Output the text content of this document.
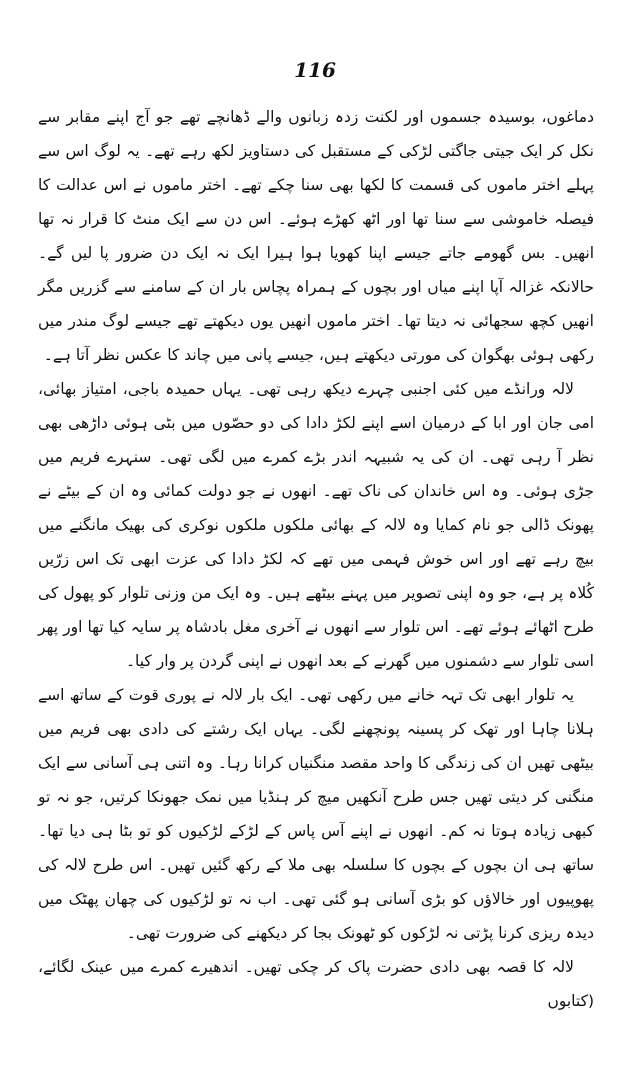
116

دماغوں، بوسیدہ جسموں اور لکنت زدہ زبانوں والے ڈھانچے تھے جو آج اپنے مقابر سے نکل کر ایک جیتی جاگتی لڑکی کے مستقبل کی دستاویز لکھ رہے تھے۔ یہ لوگ اس سے پہلے اختر ماموں کی قسمت کا لکھا بھی سنا چکے تھے۔ اختر ماموں نے اس عدالت کا فیصلہ خاموشی سے سنا تھا اور اٹھ کھڑے ہوئے۔ اس دن سے ایک منٹ کا قرار نہ تھا انھیں۔ بس گھومے جاتے جیسے اپنا کھویا ہوا ہیرا ایک نہ ایک دن ضرور پا لیں گے۔ حالانکہ غزالہ آپا اپنے میاں اور بچوں کے ہمراہ پچاس بار ان کے سامنے سے گزریں مگر انھیں کچھ سجھائی نہ دیتا تھا۔ اختر ماموں انھیں یوں دیکھتے تھے جیسے لوگ مندر میں رکھی ہوئی بھگوان کی مورتی دیکھتے ہیں، جیسے پانی میں چاند کا عکس نظر آتا ہے۔

لالہ ورانڈے میں کئی اجنبی چہرے دیکھ رہی تھی۔ یہاں حمیدہ باجی، امتیاز بھائی، امی جان اور ابا کے درمیان اسے اپنے لکڑ دادا کی دو حصّوں میں بٹی ہوئی داڑھی بھی نظر آ رہی تھی۔ ان کی یہ شبیہہ اندر بڑے کمرے میں لگی تھی۔ سنہرے فریم میں جڑی ہوئی۔ وہ اس خاندان کی ناک تھے۔ انھوں نے جو دولت کمائی وہ ان کے بیٹے نے پھونک ڈالی جو نام کمایا وہ لالہ کے بھائی ملکوں ملکوں نوکری کی بھیک مانگنے میں بیچ رہے تھے اور اس خوش فہمی میں تھے کہ لکڑ دادا کی عزت ابھی تک اس زرّیں کُلاہ پر ہے، جو وہ اپنی تصویر میں پہنے بیٹھے ہیں۔ وہ ایک من وزنی تلوار کو پھول کی طرح اٹھائے ہوئے تھے۔ اس تلوار سے انھوں نے آخری مغل بادشاہ پر سایہ کیا تھا اور پھر اسی تلوار سے دشمنوں میں گھرنے کے بعد انھوں نے اپنی گردن پر وار کیا۔

یہ تلوار ابھی تک تہہ خانے میں رکھی تھی۔ ایک بار لالہ نے پوری قوت کے ساتھ اسے ہلانا چاہا اور تھک کر پسینہ پونچھنے لگی۔ یہاں ایک رشتے کی دادی بھی فریم میں بیٹھی تھیں ان کی زندگی کا واحد مقصد منگنیاں کرانا رہا۔ وہ اتنی ہی آسانی سے ایک منگنی کر دیتی تھیں جس طرح آنکھیں میچ کر ہنڈیا میں نمک جھونکا کرتیں، جو نہ تو کبھی زیادہ ہوتا نہ کم۔ انھوں نے اپنے آس پاس کے لڑکے لڑکیوں کو تو بٹا ہی دیا تھا۔ ساتھ ہی ان بچوں کے بچوں کا سلسلہ بھی ملا کے رکھ گئیں تھیں۔ اس طرح لالہ کی پھوپیوں اور خالاؤں کو بڑی آسانی ہو گئی تھی۔ اب نہ تو لڑکیوں کی چھان پھٹک میں دیدہ ریزی کرنا پڑتی نہ لڑکوں کو ٹھونک بجا کر دیکھنے کی ضرورت تھی۔

لالہ کا قصہ بھی دادی حضرت پاک کر چکی تھیں۔ اندھیرے کمرے میں عینک لگائے، (کتابوں
